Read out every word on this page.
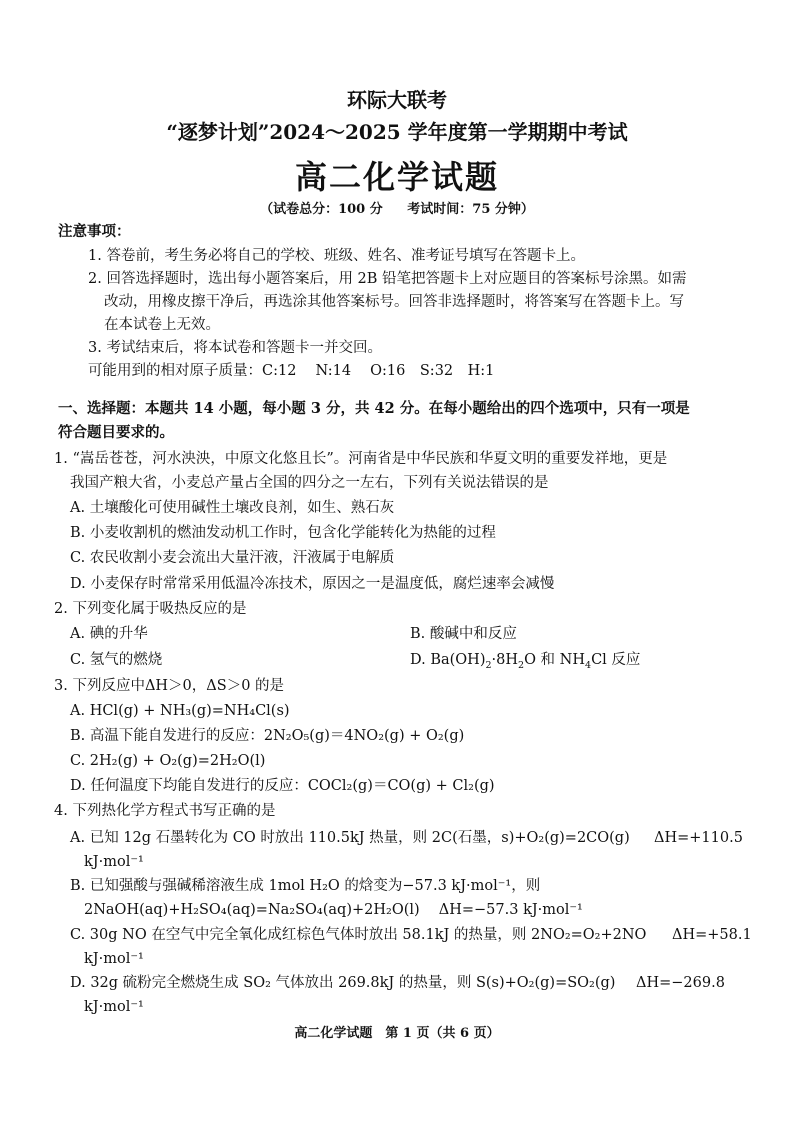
环际大联考
“逐梦计划”2024～2025 学年度第一学期期中考试
高二化学试题
（试卷总分：100 分 考试时间：75 分钟）
注意事项：
1. 答卷前，考生务必将自己的学校、班级、姓名、准考证号填写在答题卡上。
2. 回答选择题时，选出每小题答案后，用 2B 铅笔把答题卡上对应题目的答案标号涂黑。如需
改动，用橡皮擦干净后，再选涂其他答案标号。回答非选择题时，将答案写在答题卡上。写
在本试卷上无效。
3. 考试结束后，将本试卷和答题卡一并交回。
可能用到的相对原子质量：C:12　 N:14　 O:16　S:32　H:1
一、选择题：本题共 14 小题，每小题 3 分，共 42 分。在每小题给出的四个选项中，只有一项是
符合题目要求的。
1. “嵩岳苍苍，河水泱泱，中原文化悠且长”。河南省是中华民族和华夏文明的重要发祥地，更是
我国产粮大省，小麦总产量占全国的四分之一左右，下列有关说法错误的是
A. 土壤酸化可使用碱性土壤改良剂，如生、熟石灰
B. 小麦收割机的燃油发动机工作时，包含化学能转化为热能的过程
C. 农民收割小麦会流出大量汗液，汗液属于电解质
D. 小麦保存时常常采用低温冷冻技术，原因之一是温度低，腐烂速率会减慢
2. 下列变化属于吸热反应的是
A. 碘的升华	B. 酸碱中和反应
C. 氢气的燃烧	D. $Ba(OH)_2\cdot 8H_2O$ 和 $NH_4Cl$ 反应
3. 下列反应中ΔH＞0，ΔS＞0 的是
A. HCl(g) + NH₃(g)=NH₄Cl(s)
B. 高温下能自发进行的反应：2N₂O₅(g)＝4NO₂(g) + O₂(g)
C. 2H₂(g) + O₂(g)=2H₂O(l)
D. 任何温度下均能自发进行的反应：COCl₂(g)＝CO(g) + Cl₂(g)
4. 下列热化学方程式书写正确的是
A. 已知 12g 石墨转化为 CO 时放出 110.5kJ 热量，则 2C(石墨，s)+O₂(g)=2CO(g) ΔH=+110.5
kJ·mol⁻¹
B. 已知强酸与强碱稀溶液生成 1mol H₂O 的焓变为−57.3 kJ·mol⁻¹，则
2NaOH(aq)+H₂SO₄(aq)=Na₂SO₄(aq)+2H₂O(l)　 ΔH=−57.3 kJ·mol⁻¹
C. 30g NO 在空气中完全氧化成红棕色气体时放出 58.1kJ 的热量，则 2NO₂=O₂+2NO ΔH=+58.1
kJ·mol⁻¹
D. 32g 硫粉完全燃烧生成 SO₂ 气体放出 269.8kJ 的热量，则 S(s)+O₂(g)=SO₂(g) ΔH=−269.8
kJ·mol⁻¹
高二化学试题　第 1 页（共 6 页）
